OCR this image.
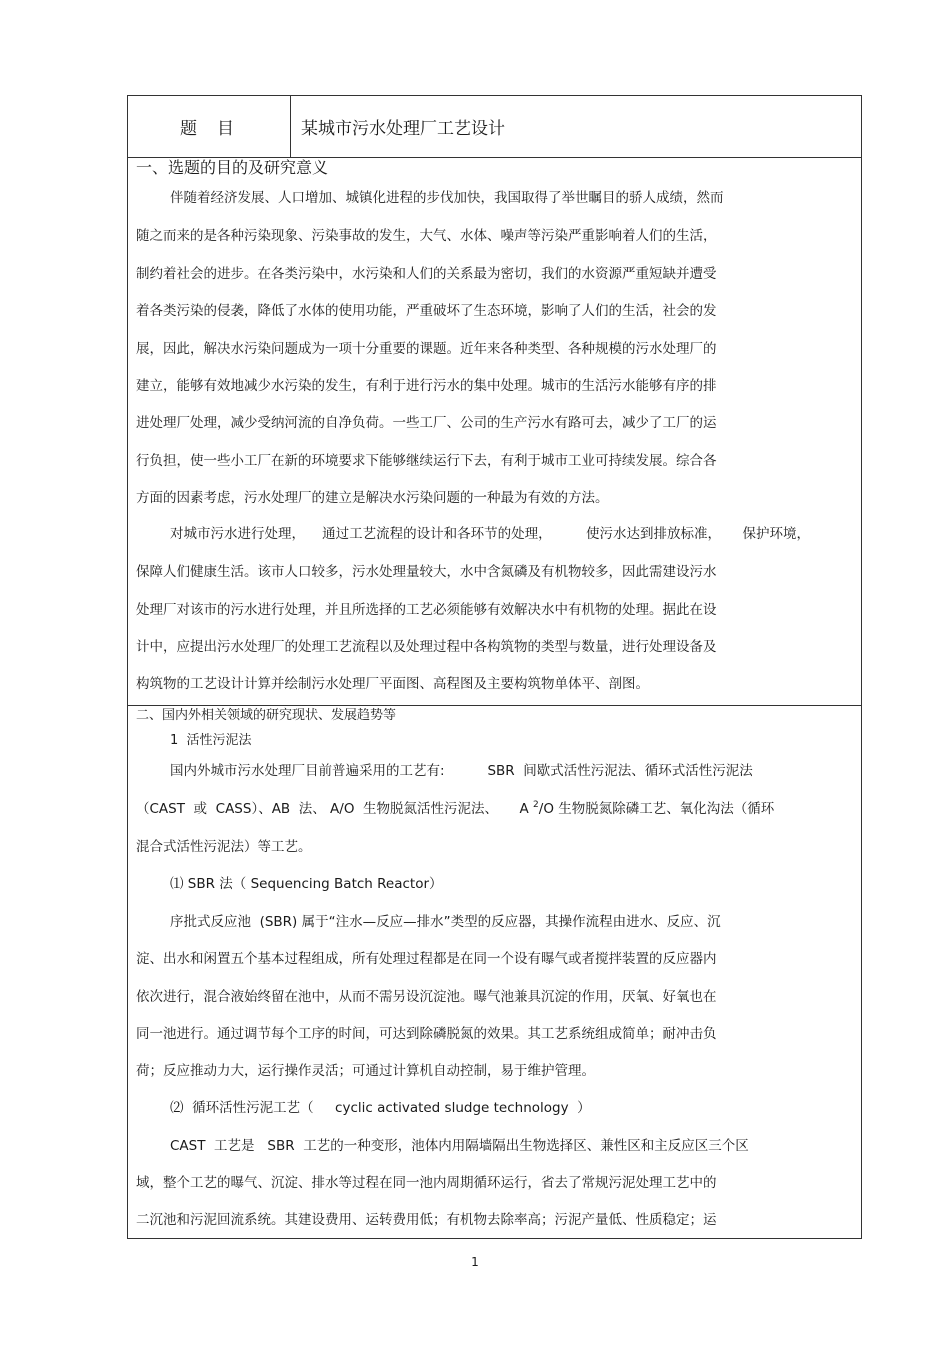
题目	某城市污水处理厂工艺设计
一、选题的目的及研究意义
伴随着经济发展、人口增加、城镇化进程的步伐加快，我国取得了举世瞩目的骄人成绩，然而
随之而来的是各种污染现象、污染事故的发生，大气、水体、噪声等污染严重影响着人们的生活，
制约着社会的进步。在各类污染中，水污染和人们的关系最为密切，我们的水资源严重短缺并遭受
着各类污染的侵袭，降低了水体的使用功能，严重破坏了生态环境，影响了人们的生活，社会的发
展，因此，解决水污染问题成为一项十分重要的课题。近年来各种类型、各种规模的污水处理厂的
建立，能够有效地减少水污染的发生，有利于进行污水的集中处理。城市的生活污水能够有序的排
进处理厂处理，减少受纳河流的自净负荷。一些工厂、公司的生产污水有路可去，减少了工厂的运
行负担，使一些小工厂在新的环境要求下能够继续运行下去，有利于城市工业可持续发展。综合各
方面的因素考虑，污水处理厂的建立是解决水污染问题的一种最为有效的方法。
对城市污水进行处理，    通过工艺流程的设计和各环节的处理，        使污水达到排放标准，     保护环境，
保障人们健康生活。该市人口较多，污水处理量较大，水中含氮磷及有机物较多，因此需建设污水
处理厂对该市的污水进行处理，并且所选择的工艺必须能够有效解决水中有机物的处理。据此在设
计中，应提出污水处理厂的处理工艺流程以及处理过程中各构筑物的类型与数量，进行处理设备及
构筑物的工艺设计计算并绘制污水处理厂平面图、高程图及主要构筑物单体平、剖图。
二、国内外相关领域的研究现状、发展趋势等
1  活性污泥法
国内外城市污水处理厂目前普遍采用的工艺有:          SBR  间歇式活性污泥法、循环式活性污泥法
（CAST  或  CASS）、AB  法、 A/O  生物脱氮活性污泥法、     A $^2$/O 生物脱氮除磷工艺、氧化沟法（循环
混合式活性污泥法）等工艺。
⑴ SBR 法（ Sequencing Batch Reactor）
序批式反应池  (SBR) 属于“注水—反应—排水”类型的反应器，其操作流程由进水、反应、沉
淀、出水和闲置五个基本过程组成，所有处理过程都是在同一个设有曝气或者搅拌装置的反应器内
依次进行，混合液始终留在池中，从而不需另设沉淀池。曝气池兼具沉淀的作用，厌氧、好氧也在
同一池进行。通过调节每个工序的时间，可达到除磷脱氮的效果。其工艺系统组成简单；耐冲击负
荷；反应推动力大，运行操作灵活；可通过计算机自动控制，易于维护管理。
⑵  循环活性污泥工艺（     cyclic activated sludge technology  ）
CAST  工艺是   SBR  工艺的一种变形，池体内用隔墙隔出生物选择区、兼性区和主反应区三个区
域，整个工艺的曝气、沉淀、排水等过程在同一池内周期循环运行，省去了常规污泥处理工艺中的
二沉池和污泥回流系统。其建设费用、运转费用低；有机物去除率高；污泥产量低、性质稳定；运
1
